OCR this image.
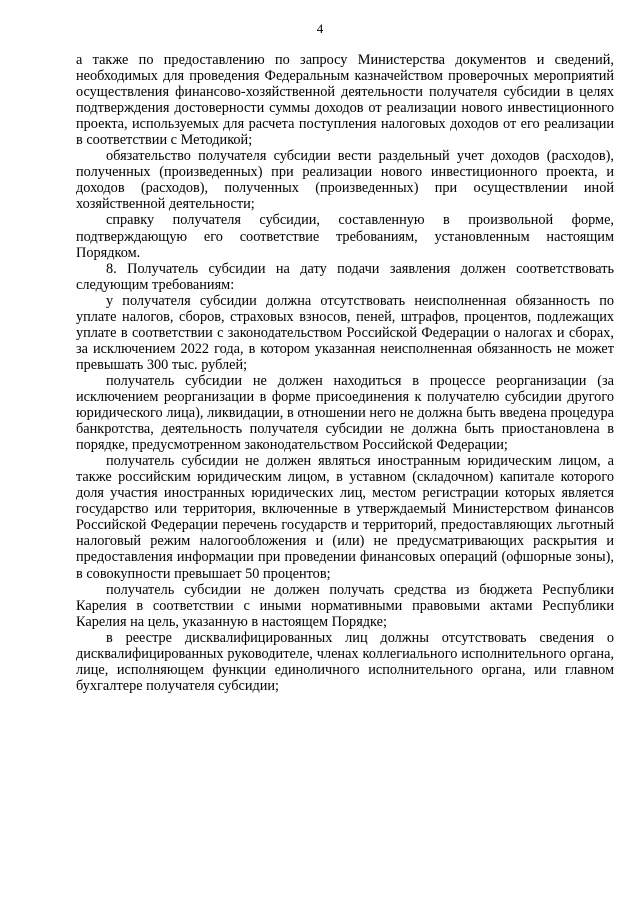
4

а также по предоставлению по запросу Министерства документов и сведений, необходимых для проведения Федеральным казначейством проверочных мероприятий осуществления финансово-хозяйственной деятельности получателя субсидии в целях подтверждения достоверности суммы доходов от реализации нового инвестиционного проекта, используемых для расчета поступления налоговых доходов от его реализации в соответствии с Методикой;

обязательство получателя субсидии вести раздельный учет доходов (расходов), полученных (произведенных) при реализации нового инвестиционного проекта, и доходов (расходов), полученных (произведенных) при осуществлении иной хозяйственной деятельности;

справку получателя субсидии, составленную в произвольной форме, подтверждающую его соответствие требованиям, установленным настоящим Порядком.

8. Получатель субсидии на дату подачи заявления должен соответствовать следующим требованиям:

у получателя субсидии должна отсутствовать неисполненная обязанность по уплате налогов, сборов, страховых взносов, пеней, штрафов, процентов, подлежащих уплате в соответствии с законодательством Российской Федерации о налогах и сборах, за исключением 2022 года, в котором указанная неисполненная обязанность не может превышать 300 тыс. рублей;

получатель субсидии не должен находиться в процессе реорганизации (за исключением реорганизации в форме присоединения к получателю субсидии другого юридического лица), ликвидации, в отношении него не должна быть введена процедура банкротства, деятельность получателя субсидии не должна быть приостановлена в порядке, предусмотренном законодательством Российской Федерации;

получатель субсидии не должен являться иностранным юридическим лицом, а также российским юридическим лицом, в уставном (складочном) капитале которого доля участия иностранных юридических лиц, местом регистрации которых является государство или территория, включенные в утверждаемый Министерством финансов Российской Федерации перечень государств и территорий, предоставляющих льготный налоговый режим налогообложения и (или) не предусматривающих раскрытия и предоставления информации при проведении финансовых операций (офшорные зоны), в совокупности превышает 50 процентов;

получатель субсидии не должен получать средства из бюджета Республики Карелия в соответствии с иными нормативными правовыми актами Республики Карелия на цель, указанную в настоящем Порядке;

в реестре дисквалифицированных лиц должны отсутствовать сведения о дисквалифицированных руководителе, членах коллегиального исполнительного органа, лице, исполняющем функции единоличного исполнительного органа, или главном бухгалтере получателя субсидии;
